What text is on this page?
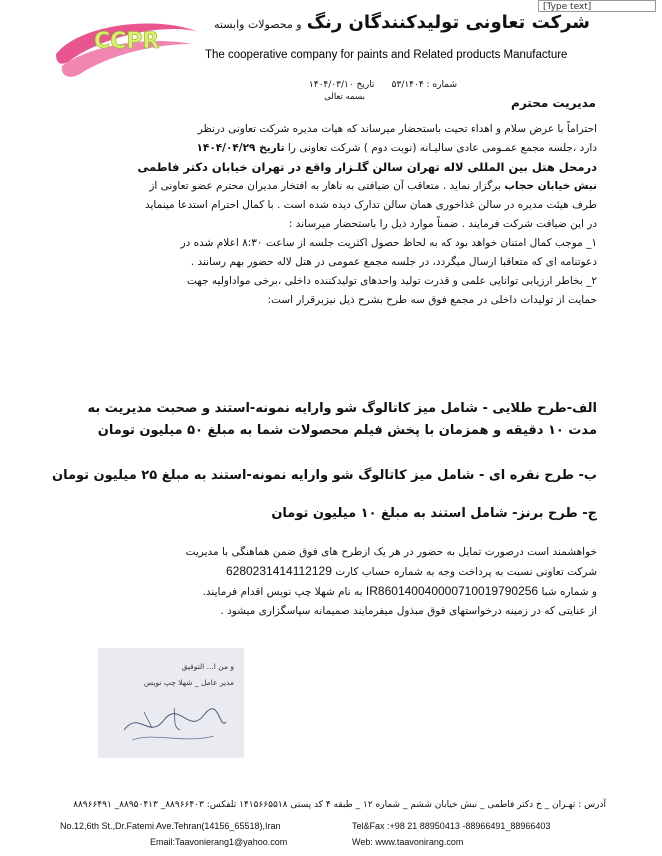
[Type text]
CCPR
شرکت تعاونی تولیدکنندگان رنگ و محصولات وابسته
The cooperative company for paints and Related products Manufacture
شماره : ۵۳/۱۴۰۴      تاریخ ۱۴۰۴/۰۳/۱۰
بسمه تعالی	مدیریت محترم
احتراماً با عرض سلام و اهداء تحیت باستحضار میرساند که هیات مدیره شرکت تعاونی درنظر
دارد ،جلسه مجمع عمـومی عادی سالیـانه (نوبت دوم ) شرکت تعاونی را تاریخ ۱۴۰۴/۰۴/۲۹
درمحل هتل بین المللی لاله تهران سالن گلـزار واقع در تهران خیابان دکتر فاطمی
نبش خیابان حجاب برگزار نماید . متعاقب آن ضیافتی به ناهار به افتخار مدیران محترم عضو تعاونی از
طرف هیئت مدیره در سالن غذاخوری همان سالن تدارک دیده شده است . با کمال احترام استدعا مینماید
در این ضیافت شرکت فرمایند . ضمناً موارد ذیل را باستحضار میرساند :
۱_ موجب کمال امتنان خواهد بود که به لحاظ حصول اکثریت جلسه از ساعت ۸:۳۰ اعلام شده در
دعوتنامه ای که متعاقبا ارسال میگردد، در جلسه مجمع عمومی در هتل لاله حضور بهم رسانند .
۲_ بخاطر ارزیابی توانایی علمی و قدرت تولید واحدهای تولیدکننده داخلی ،برخی مواداولیه جهت
حمایت از تولیدات داخلی در مجمع فوق سه طرح بشرح ذیل نیزبرقرار است:
الف-طرح طلایی - شامل میز کاتالوگ شو وارایه نمونه-استند و صحبت مدیریت به
مدت ۱۰ دقیقه و همزمان با پخش فیلم محصولات شما به مبلغ ۵۰ میلیون تومان
ب- طرح نقره ای - شامل میز کاتالوگ شو وارایه نمونه-استند به مبلغ ۲۵ میلیون تومان
ج- طرح برنز- شامل استند به مبلغ ۱۰ میلیون تومان
خواهشمند است درصورت تمایل به حضور در هر یک ازطرح های فوق ضمن هماهنگی با مدیریت
شرکت تعاونی نسبت به پرداخت وجه به شماره حساب کارت 6280231414112129
و شماره شبا IR860140040000710019790256 به نام شهلا چپ نویس اقدام فرمایند.
از عنایتی که در زمینه درخواستهای فوق مبذول میفرمایند صمیمانه سپاسگزاری میشود .
و من ا... التوفیق
مدیر عامل _ شهلا چپ نویس
آدرس : تهـران _ خ دکتر فاطمی _ نبش خیابان ششم _ شماره ۱۲ _ طبقه ۴ کد پستی ۱۴۱۵۶۶۵۵۱۸ تلفکس: ۸۸۹۶۶۴۰۳_ ۸۸۹۵۰۴۱۳_ ۸۸۹۶۶۴۹۱
No.12,6th St.,Dr.Fatemi Ave.Tehran(14156_65518),Iran	Tel&Fax :+98 21 88950413 -88966491_88966403
Email:Taavonierang1@yahoo.com	Web: www.taavonirang.com
